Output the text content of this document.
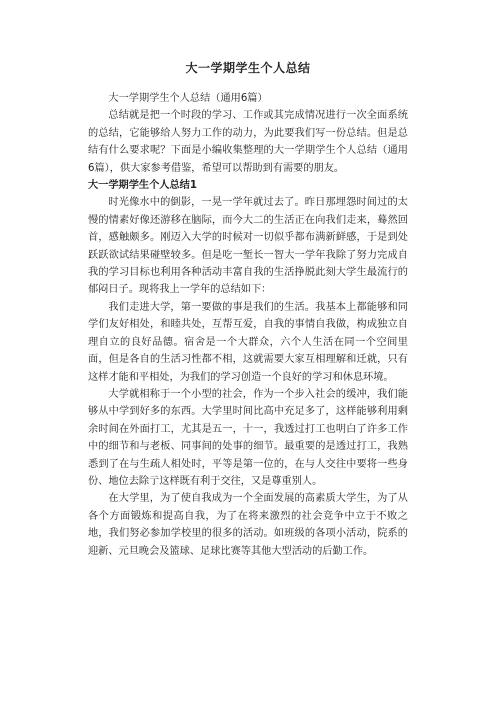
大一学期学生个人总结

大一学期学生个人总结（通用6篇）

总结就是把一个时段的学习、工作或其完成情况进行一次全面系统的总结，它能够给人努力工作的动力，为此要我们写一份总结。但是总结有什么要求呢？下面是小编收集整理的大一学期学生个人总结（通用6篇），供大家参考借鉴，希望可以帮助到有需要的朋友。

大一学期学生个人总结1

时光像水中的倒影，一晃一学年就过去了。昨日那埋怨时间过的太慢的情素好像还游移在脑际，而今大二的生活正在向我们走来，蓦然回首，感触颇多。刚迈入大学的时候对一切似乎都布满新鲜感，于是到处跃跃欲试结果碰壁较多。但是吃一堑长一智大一学年我除了努力完成自我的学习目标也利用各种活动丰富自我的生活挣脱此刻大学生最流行的郁闷日子。现将我上一学年的总结如下：

我们走进大学，第一要做的事是我们的生活。我基本上都能够和同学们友好相处，和睦共处，互帮互爱，自我的事情自我做，构成独立自理自立的良好品德。宿舍是一个大群众，六个人生活在同一个空间里面，但是各自的生活习性都不相，这就需要大家互相理解和迁就，只有这样才能和平相处，为我们的学习创造一个良好的学习和休息环境。

大学就相称于一个小型的社会，作为一个步入社会的缓冲，我们能够从中学到好多的东西。大学里时间比高中充足多了，这样能够利用剩余时间在外面打工，尤其是五一，十一，我透过打工也明白了许多工作中的细节和与老板、同事间的处事的细节。最重要的是透过打工，我熟悉到了在与生疏人相处时，平等是第一位的，在与人交往中要将一些身份、地位去除亍这样既有利于交往，又是尊重别人。

在大学里，为了使自我成为一个全面发展的高素质大学生，为了从各个方面锻炼和提高自我，为了在将来激烈的社会竞争中立于不败之地，我们努必参加学校里的很多的活动。如班级的各项小活动，院系的迎新、元旦晚会及篮球、足球比赛等其他大型活动的后勤工作。
